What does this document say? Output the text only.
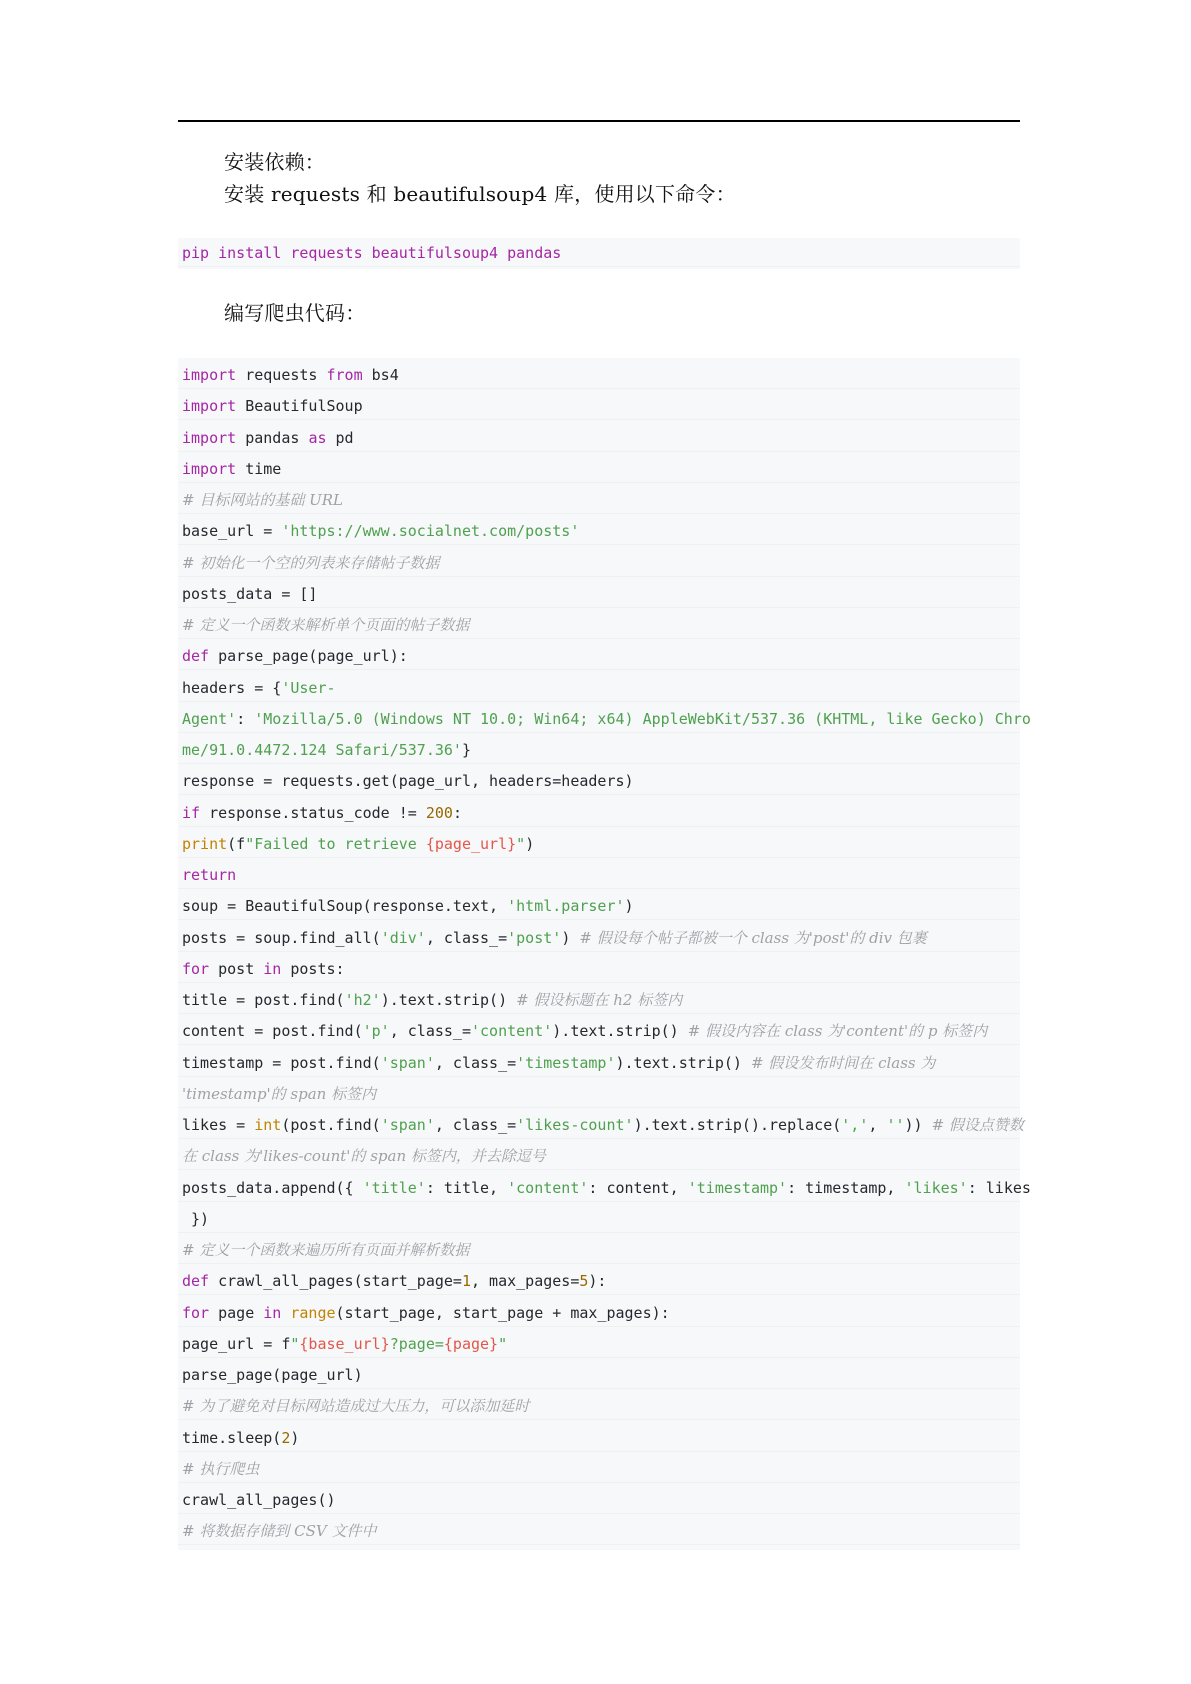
安装依赖：
安装 requests 和 beautifulsoup4 库，使用以下命令：
pip install requests beautifulsoup4 pandas
编写爬虫代码：
import requests from bs4
import BeautifulSoup
import pandas as pd
import time
# 目标网站的基础 URL
base_url = 'https://www.socialnet.com/posts'
# 初始化一个空的列表来存储帖子数据
posts_data = []
# 定义一个函数来解析单个页面的帖子数据
def parse_page(page_url):
headers = {'User-
Agent': 'Mozilla/5.0 (Windows NT 10.0; Win64; x64) AppleWebKit/537.36 (KHTML, like Gecko) Chro
me/91.0.4472.124 Safari/537.36'}
response = requests.get(page_url, headers=headers)
if response.status_code != 200:
print(f"Failed to retrieve {page_url}")
return
soup = BeautifulSoup(response.text, 'html.parser')
posts = soup.find_all('div', class_='post') # 假设每个帖子都被一个 class 为'post'的 div 包裹
for post in posts:
title = post.find('h2').text.strip() # 假设标题在 h2 标签内
content = post.find('p', class_='content').text.strip() # 假设内容在 class 为'content'的 p 标签内
timestamp = post.find('span', class_='timestamp').text.strip() # 假设发布时间在 class 为
'timestamp'的 span 标签内
likes = int(post.find('span', class_='likes-count').text.strip().replace(',', '')) # 假设点赞数
在 class 为'likes-count'的 span 标签内，并去除逗号
posts_data.append({ 'title': title, 'content': content, 'timestamp': timestamp, 'likes': likes
})
# 定义一个函数来遍历所有页面并解析数据
def crawl_all_pages(start_page=1, max_pages=5):
for page in range(start_page, start_page + max_pages):
page_url = f"{base_url}?page={page}"
parse_page(page_url)
# 为了避免对目标网站造成过大压力，可以添加延时
time.sleep(2)
# 执行爬虫
crawl_all_pages()
# 将数据存储到 CSV 文件中
